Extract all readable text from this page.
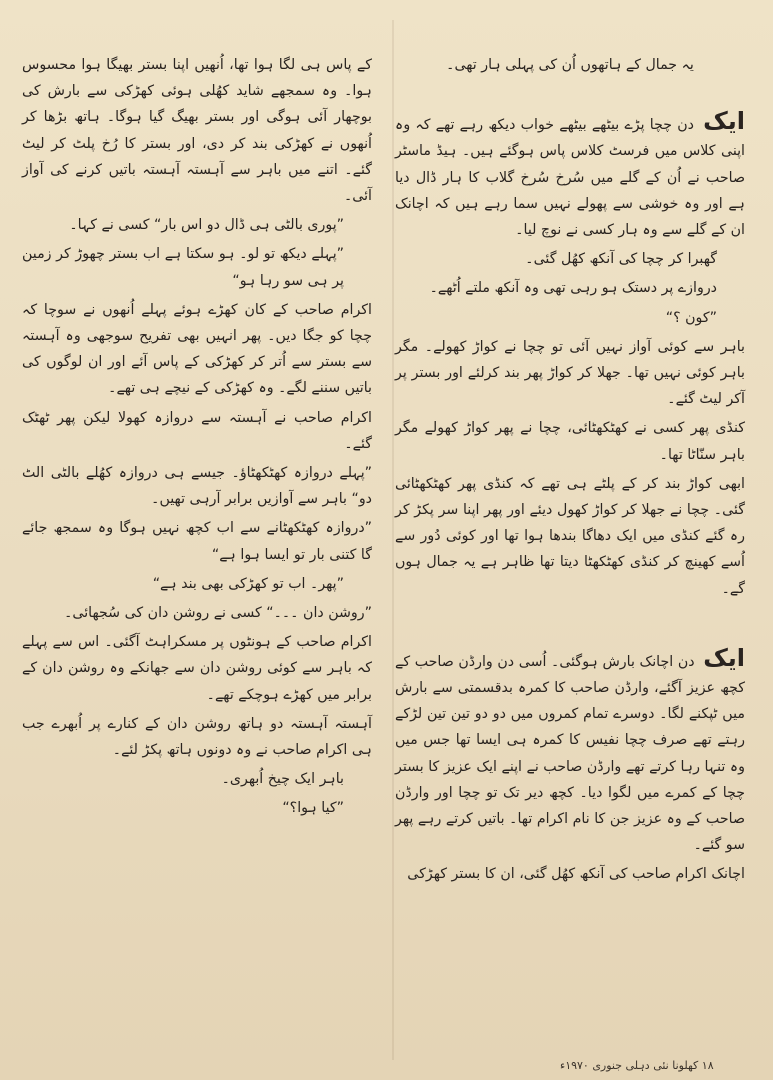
یہ جمال کے ہاتھوں اُن کی پہلی ہار تھی۔

ایک دن چچا پڑے بیٹھے بیٹھے خواب دیکھ رہے تھے کہ وہ اپنی کلاس میں فرسٹ کلاس پاس ہوگئے ہیں۔ ہیڈ ماسٹر صاحب نے اُن کے گلے میں سُرخ سُرخ گلاب کا ہار ڈال دیا ہے اور وہ خوشی سے پھولے نہیں سما رہے ہیں کہ اچانک ان کے گلے سے وہ ہار کسی نے نوچ لیا۔

گھبرا کر چچا کی آنکھ کھُل گئی۔

دروازے پر دستک ہو رہی تھی وہ آنکھ ملتے اُٹھے۔

”کون ؟“

باہر سے کوئی آواز نہیں آئی تو چچا نے کواڑ کھولے۔ مگر باہر کوئی نہیں تھا۔ جھلا کر کواڑ پھر بند کرلئے اور بستر پر آکر لیٹ گئے۔

کنڈی پھر کسی نے کھٹکھٹائی، چچا نے پھر کواڑ کھولے مگر باہر سنّاٹا تھا۔

ابھی کواڑ بند کر کے پلٹے ہی تھے کہ کنڈی پھر کھٹکھٹائی گئی۔ چچا نے جھلا کر کواڑ کھول دیئے اور پھر اپنا سر پکڑ کر رہ گئے کنڈی میں ایک دھاگا بندھا ہوا تھا اور کوئی دُور سے اُسے کھینچ کر کنڈی کھٹکھٹا دیتا تھا ظاہر ہے یہ جمال ہوں گے۔

ایک دن اچانک بارش ہوگئی۔ اُسی دن وارڈن صاحب کے کچھ عزیز آگئے، وارڈن صاحب کا کمرہ بدقسمتی سے بارش میں ٹپکنے لگا۔ دوسرے تمام کمروں میں دو دو تین تین لڑکے رہتے تھے صرف چچا نفیس کا کمرہ ہی ایسا تھا جس میں وہ تنہا رہا کرتے تھے وارڈن صاحب نے اپنے ایک عزیز کا بستر چچا کے کمرے میں لگوا دیا۔ کچھ دیر تک تو چچا اور وارڈن صاحب کے وہ عزیز جن کا نام اکرام تھا۔ باتیں کرتے رہے پھر سو گئے۔

اچانک اکرام صاحب کی آنکھ کھُل گئی، ان کا بستر کھڑکی

کے پاس ہی لگا ہوا تھا، اُنھیں اپنا بستر بھیگا ہوا محسوس ہوا۔ وہ سمجھے شاید کھُلی ہوئی کھڑکی سے بارش کی بوچھار آئی ہوگی اور بستر بھیگ گیا ہوگا۔ ہاتھ بڑھا کر اُنھوں نے کھڑکی بند کر دی، اور بستر کا رُخ پلٹ کر لیٹ گئے۔ اتنے میں باہر سے آہستہ آہستہ باتیں کرنے کی آواز آئی۔

”پوری بالٹی ہی ڈال دو اس بار“ کسی نے کہا۔

”پہلے دیکھ تو لو۔ ہو سکتا ہے اب بستر چھوڑ کر زمین پر ہی سو رہا ہو“

اکرام صاحب کے کان کھڑے ہوئے پہلے اُنھوں نے سوچا کہ چچا کو جگا دیں۔ پھر انہیں بھی تفریح سوجھی وہ آہستہ سے بستر سے اُتر کر کھڑکی کے پاس آئے اور ان لوگوں کی باتیں سننے لگے۔ وہ کھڑکی کے نیچے ہی تھے۔

اکرام صاحب نے آہستہ سے دروازہ کھولا لیکن پھر ٹھٹک گئے۔

”پہلے دروازہ کھٹکھٹاؤ۔ جیسے ہی دروازہ کھُلے بالٹی الٹ دو“ باہر سے آوازیں برابر آرہی تھیں۔

”دروازہ کھٹکھٹانے سے اب کچھ نہیں ہوگا وہ سمجھ جائے گا کتنی بار تو ایسا ہوا ہے“

”پھر۔ اب تو کھڑکی بھی بند ہے“

”روشن دان ۔۔۔“ کسی نے روشن دان کی سُجھائی۔

اکرام صاحب کے ہونٹوں پر مسکراہٹ آگئی۔ اس سے پہلے کہ باہر سے کوئی روشن دان سے جھانکے وہ روشن دان کے برابر میں کھڑے ہوچکے تھے۔

آہستہ آہستہ دو ہاتھ روشن دان کے کنارے پر اُبھرے جب ہی اکرام صاحب نے وہ دونوں ہاتھ پکڑ لئے۔

باہر ایک چیخ اُبھری۔

”کیا ہوا؟“

۱۸ کھلونا نئی دہلی جنوری ۱۹۷۰ء
